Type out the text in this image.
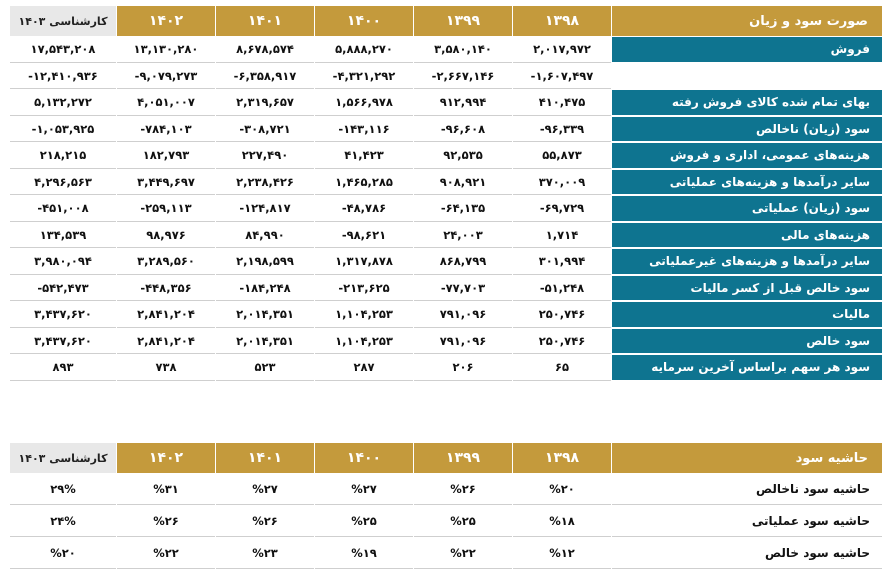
صورت سود و زیان	۱۳۹۸	۱۳۹۹	۱۴۰۰	۱۴۰۱	۱۴۰۲	کارشناسی ۱۴۰۳
فروش	۲,۰۱۷,۹۷۲	۳,۵۸۰,۱۴۰	۵,۸۸۸,۲۷۰	۸,۶۷۸,۵۷۴	۱۳,۱۳۰,۲۸۰	۱۷,۵۴۳,۲۰۸
	-۱,۶۰۷,۴۹۷	-۲,۶۶۷,۱۴۶	-۴,۳۲۱,۲۹۲	-۶,۳۵۸,۹۱۷	-۹,۰۷۹,۲۷۳	-۱۲,۴۱۰,۹۳۶
بهای تمام شده کالای فروش رفته	۴۱۰,۴۷۵	۹۱۲,۹۹۴	۱,۵۶۶,۹۷۸	۲,۳۱۹,۶۵۷	۴,۰۵۱,۰۰۷	۵,۱۳۲,۲۷۲
سود (زیان) ناخالص	-۹۶,۳۳۹	-۹۶,۶۰۸	-۱۴۳,۱۱۶	-۳۰۸,۷۲۱	-۷۸۴,۱۰۳	-۱,۰۵۳,۹۲۵
هزینه‌های عمومی، اداری و فروش	۵۵,۸۷۳	۹۲,۵۳۵	۴۱,۴۲۳	۲۲۷,۴۹۰	۱۸۲,۷۹۳	۲۱۸,۲۱۵
سایر درآمدها و هزینه‌های عملیاتی	۳۷۰,۰۰۹	۹۰۸,۹۲۱	۱,۴۶۵,۲۸۵	۲,۲۳۸,۴۲۶	۳,۴۴۹,۶۹۷	۴,۲۹۶,۵۶۳
سود (زیان) عملیاتی	-۶۹,۷۲۹	-۶۴,۱۳۵	-۴۸,۷۸۶	-۱۲۴,۸۱۷	-۲۵۹,۱۱۳	-۴۵۱,۰۰۸
هزینه‌های مالی	۱,۷۱۴	۲۴,۰۰۳	-۹۸,۶۲۱	۸۴,۹۹۰	۹۸,۹۷۶	۱۳۴,۵۳۹
سایر درآمدها و هزینه‌های غیرعملیاتی	۳۰۱,۹۹۴	۸۶۸,۷۹۹	۱,۳۱۷,۸۷۸	۲,۱۹۸,۵۹۹	۳,۲۸۹,۵۶۰	۳,۹۸۰,۰۹۴
سود خالص قبل از کسر مالیات	-۵۱,۲۴۸	-۷۷,۷۰۳	-۲۱۳,۶۲۵	-۱۸۴,۲۴۸	-۴۴۸,۳۵۶	-۵۴۲,۴۷۳
مالیات	۲۵۰,۷۴۶	۷۹۱,۰۹۶	۱,۱۰۴,۲۵۳	۲,۰۱۴,۳۵۱	۲,۸۴۱,۲۰۴	۳,۴۳۷,۶۲۰
سود خالص	۲۵۰,۷۴۶	۷۹۱,۰۹۶	۱,۱۰۴,۲۵۳	۲,۰۱۴,۳۵۱	۲,۸۴۱,۲۰۴	۳,۴۳۷,۶۲۰
سود هر سهم براساس آخرین سرمایه	۶۵	۲۰۶	۲۸۷	۵۲۳	۷۳۸	۸۹۳
حاشیه سود	۱۳۹۸	۱۳۹۹	۱۴۰۰	۱۴۰۱	۱۴۰۲	کارشناسی ۱۴۰۳
حاشیه سود ناخالص	%۲۰	%۲۶	%۲۷	%۲۷	%۳۱	۲۹%
حاشیه سود عملیاتی	%۱۸	%۲۵	%۲۵	%۲۶	%۲۶	۲۴%
حاشیه سود خالص	%۱۲	%۲۲	%۱۹	%۲۳	%۲۲	%۲۰
